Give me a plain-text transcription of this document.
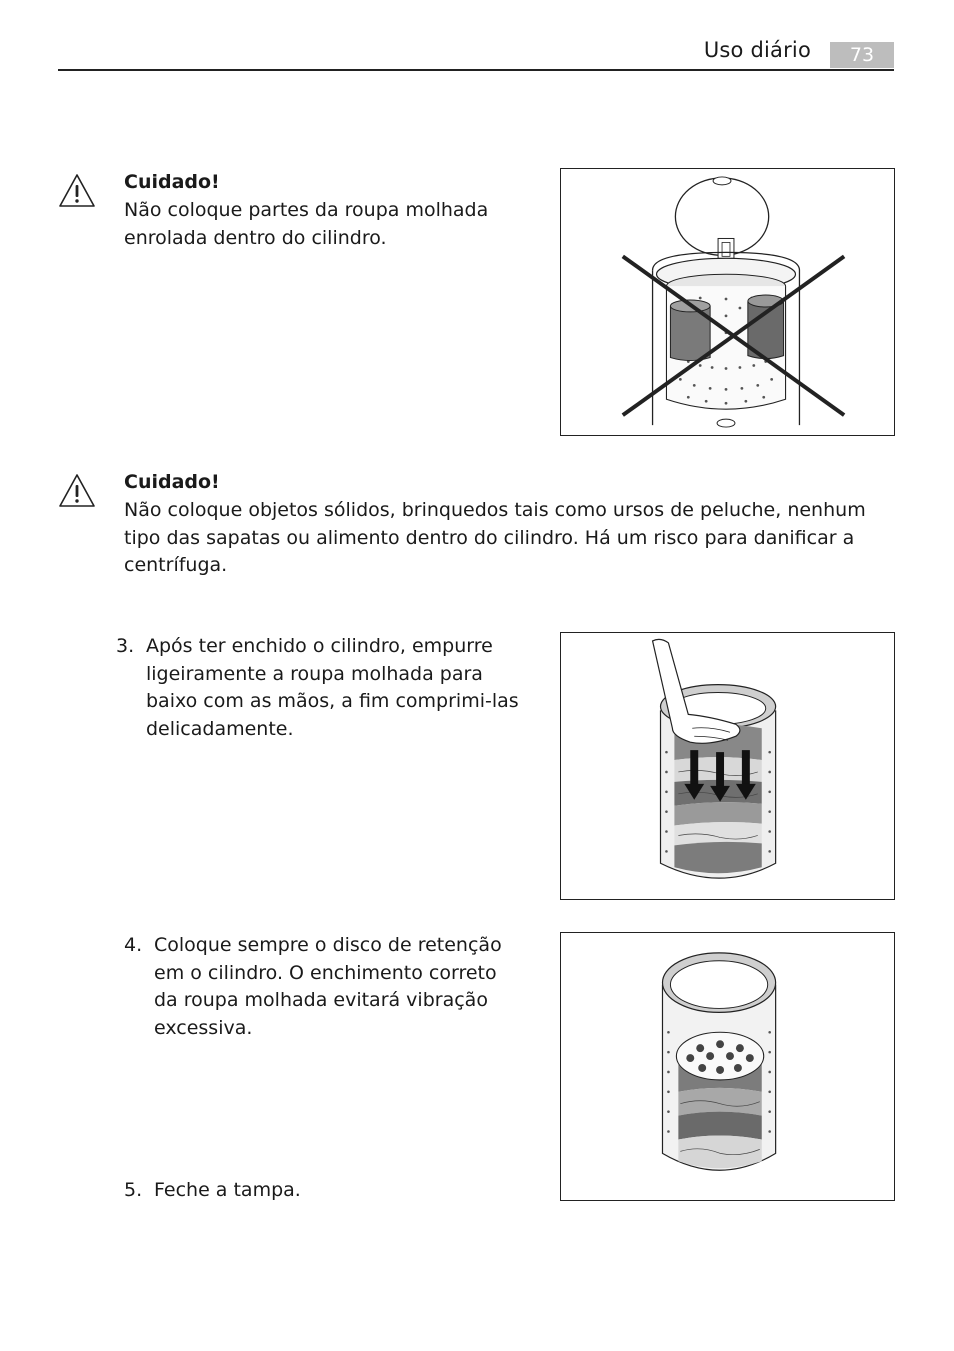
Uso diário	73
Cuidado!
Não coloque partes da roupa molhada
enrolada dentro do cilindro.
Cuidado!
Não coloque objetos sólidos, brinquedos tais como ursos de peluche, nenhum
tipo das sapatas ou alimento dentro do cilindro. Há um risco para danificar a
centrífuga.
3. Após ter enchido o cilindro, empurre
ligeiramente a roupa molhada para
baixo com as mãos, a fim comprimi-las
delicadamente.
4. Coloque sempre o disco de retenção
em o cilindro. O enchimento correto
da roupa molhada evitará vibração
excessiva.
5. Feche a tampa.
